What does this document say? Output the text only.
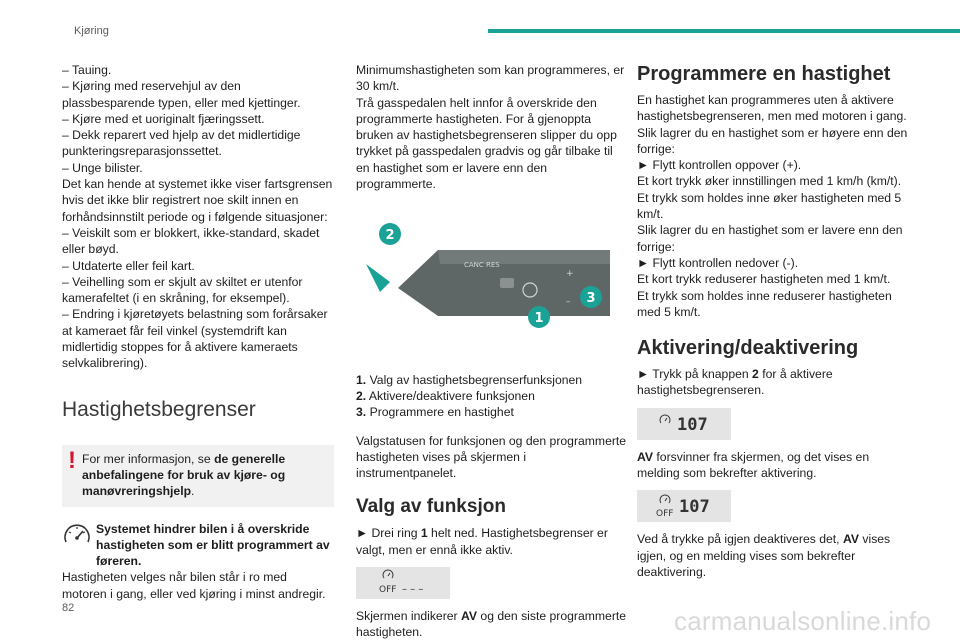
Kjøring

– Tauing.

– Kjøring med reservehjul av den plassbesparende typen, eller med kjettinger.

– Kjøre med et uoriginalt fjæringssett.

– Dekk reparert ved hjelp av det midlertidige punkteringsreparasjonssettet.

– Unge bilister.

Det kan hende at systemet ikke viser fartsgrensen hvis det ikke blir registrert noe skilt innen en forhåndsinnstilt periode og i følgende situasjoner:

– Veiskilt som er blokkert, ikke-standard, skadet eller bøyd.

– Utdaterte eller feil kart.

– Veihelling som er skjult av skiltet er utenfor kamerafeltet (i en skråning, for eksempel).

– Endring i kjøretøyets belastning som forårsaker at kameraet får feil vinkel (systemdrift kan midlertidig stoppes for å aktivere kameraets selvkalibrering).

Hastighetsbegrenser
! For mer informasjon, se de generelle anbefalingene for bruk av kjøre- og manøvreringshjelp.
Systemet hindrer bilen i å overskride hastigheten som er blitt programmert av føreren.
Hastigheten velges når bilen står i ro med motoren i gang, eller ved kjøring i minst andregir.

Minimumshastigheten som kan programmeres, er 30 km/t.

Trå gasspedalen helt innfor å overskride den programmerte hastigheten. For å gjenoppta bruken av hastighetsbegrenseren slipper du opp trykket på gasspedalen gradvis og går tilbake til en hastighet som er lavere enn den programmerte.

CANC RES
+
–
2
1
3

1. Valg av hastighetsbegrenserfunksjonen

2. Aktivere/deaktivere funksjonen

3. Programmere en hastighet

Valgstatusen for funksjonen og den programmerte hastigheten vises på skjermen i instrumentpanelet.

Valg av funksjon

► Drei ring 1 helt ned. Hastighetsbegrenser er valgt, men er ennå ikke aktiv.

OFF – – –

Skjermen indikerer AV og den siste programmerte hastigheten.

Programmere en hastighet

En hastighet kan programmeres uten å aktivere hastighetsbegrenseren, men med motoren i gang.

Slik lagrer du en hastighet som er høyere enn den forrige:

► Flytt kontrollen oppover (+).

Et kort trykk øker innstillingen med 1 km/h (km/t).

Et trykk som holdes inne øker hastigheten med 5 km/t.

Slik lagrer du en hastighet som er lavere enn den forrige:

► Flytt kontrollen nedover (-).

Et kort trykk reduserer hastigheten med 1 km/t.

Et trykk som holdes inne reduserer hastigheten med 5 km/t.

Aktivering/deaktivering

► Trykk på knappen 2 for å aktivere hastighetsbegrenseren.

107

AV forsvinner fra skjermen, og det vises en melding som bekrefter aktivering.

OFF 107

Ved å trykke på igjen deaktiveres det, AV vises igjen, og en melding vises som bekrefter deaktivering.

82	carmanualsonline.info
